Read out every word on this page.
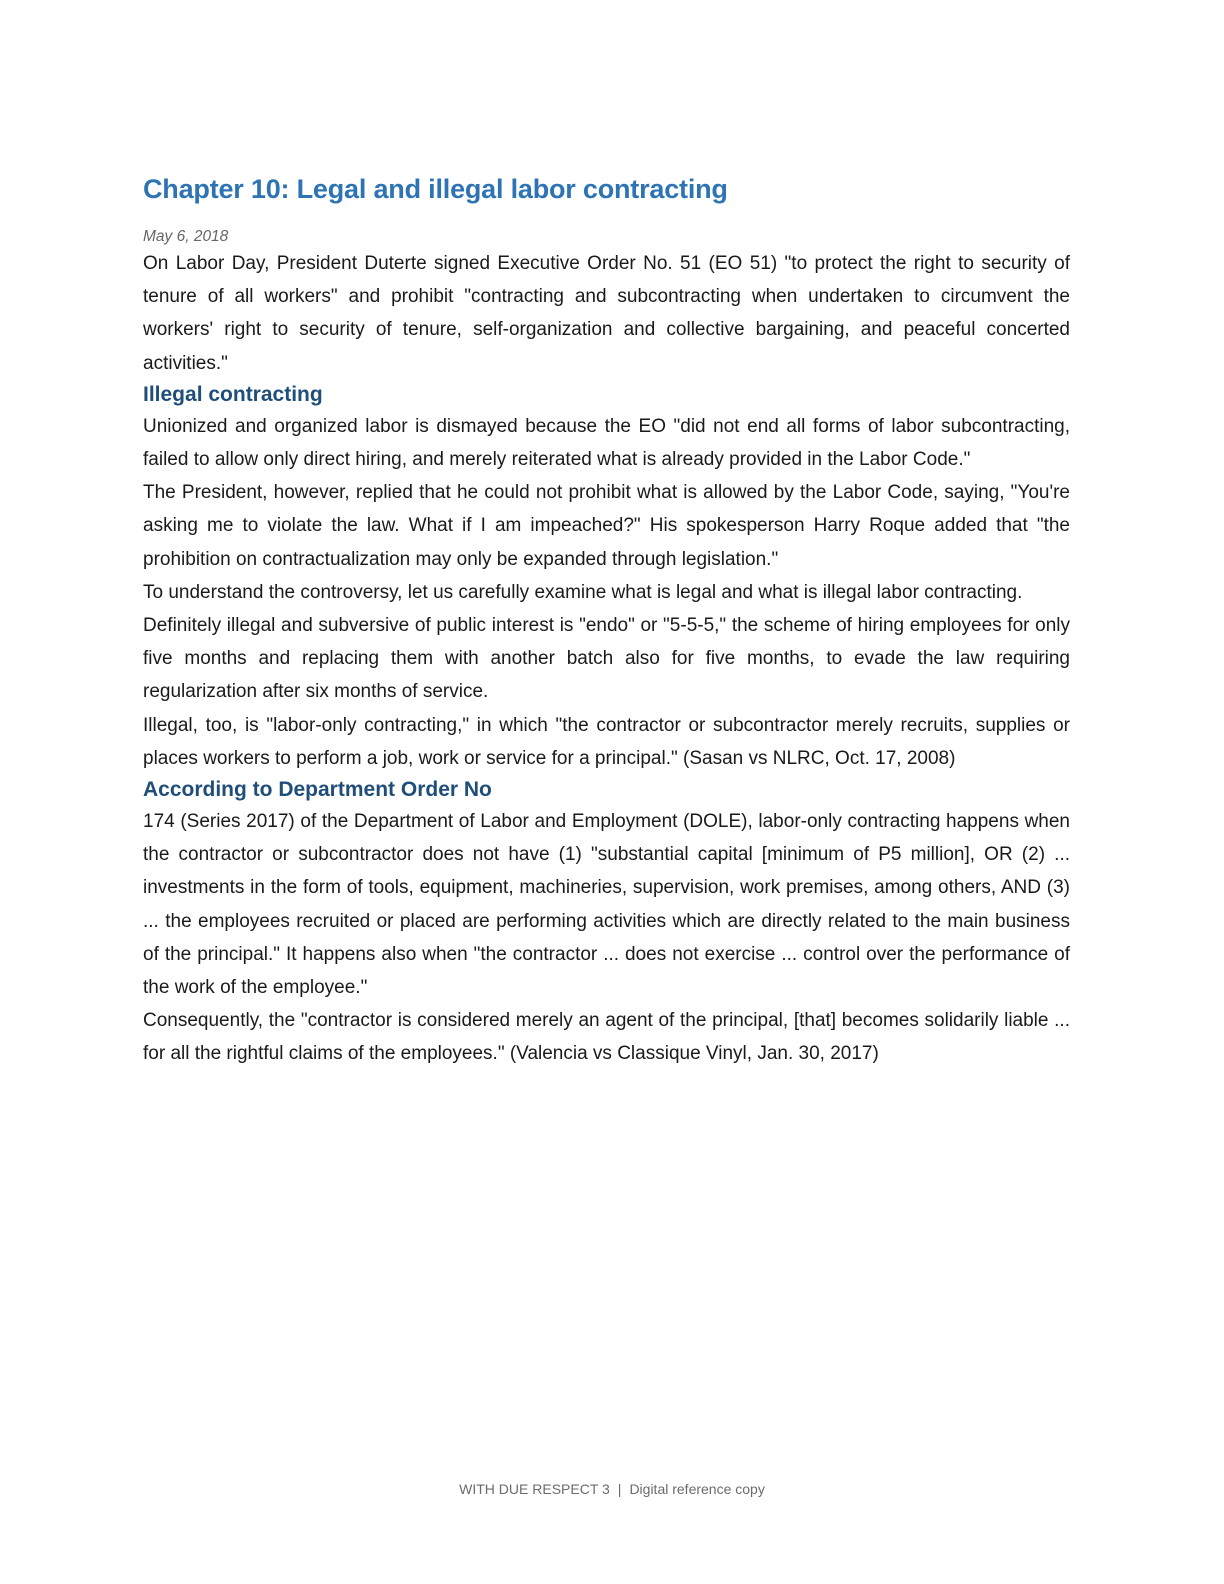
Chapter 10: Legal and illegal labor contracting
May 6, 2018

On Labor Day, President Duterte signed Executive Order No. 51 (EO 51) "to protect the right to security of tenure of all workers" and prohibit "contracting and subcontracting when undertaken to circumvent the workers' right to security of tenure, self-organization and collective bargaining, and peaceful concerted activities."

Illegal contracting

Unionized and organized labor is dismayed because the EO "did not end all forms of labor subcontracting, failed to allow only direct hiring, and merely reiterated what is already provided in the Labor Code."

The President, however, replied that he could not prohibit what is allowed by the Labor Code, saying, "You're asking me to violate the law. What if I am impeached?" His spokesperson Harry Roque added that "the prohibition on contractualization may only be expanded through legislation."

To understand the controversy, let us carefully examine what is legal and what is illegal labor contracting.

Definitely illegal and subversive of public interest is "endo" or "5-5-5," the scheme of hiring employees for only five months and replacing them with another batch also for five months, to evade the law requiring regularization after six months of service.

Illegal, too, is "labor-only contracting," in which "the contractor or subcontractor merely recruits, supplies or places workers to perform a job, work or service for a principal." (Sasan vs NLRC, Oct. 17, 2008)

According to Department Order No

174 (Series 2017) of the Department of Labor and Employment (DOLE), labor-only contracting happens when the contractor or subcontractor does not have (1) "substantial capital [minimum of P5 million], OR (2) ... investments in the form of tools, equipment, machineries, supervision, work premises, among others, AND (3) ... the employees recruited or placed are performing activities which are directly related to the main business of the principal." It happens also when "the contractor ... does not exercise ... control over the performance of the work of the employee."

Consequently, the "contractor is considered merely an agent of the principal, [that] becomes solidarily liable ... for all the rightful claims of the employees." (Valencia vs Classique Vinyl, Jan. 30, 2017)

WITH DUE RESPECT 3 | Digital reference copy
